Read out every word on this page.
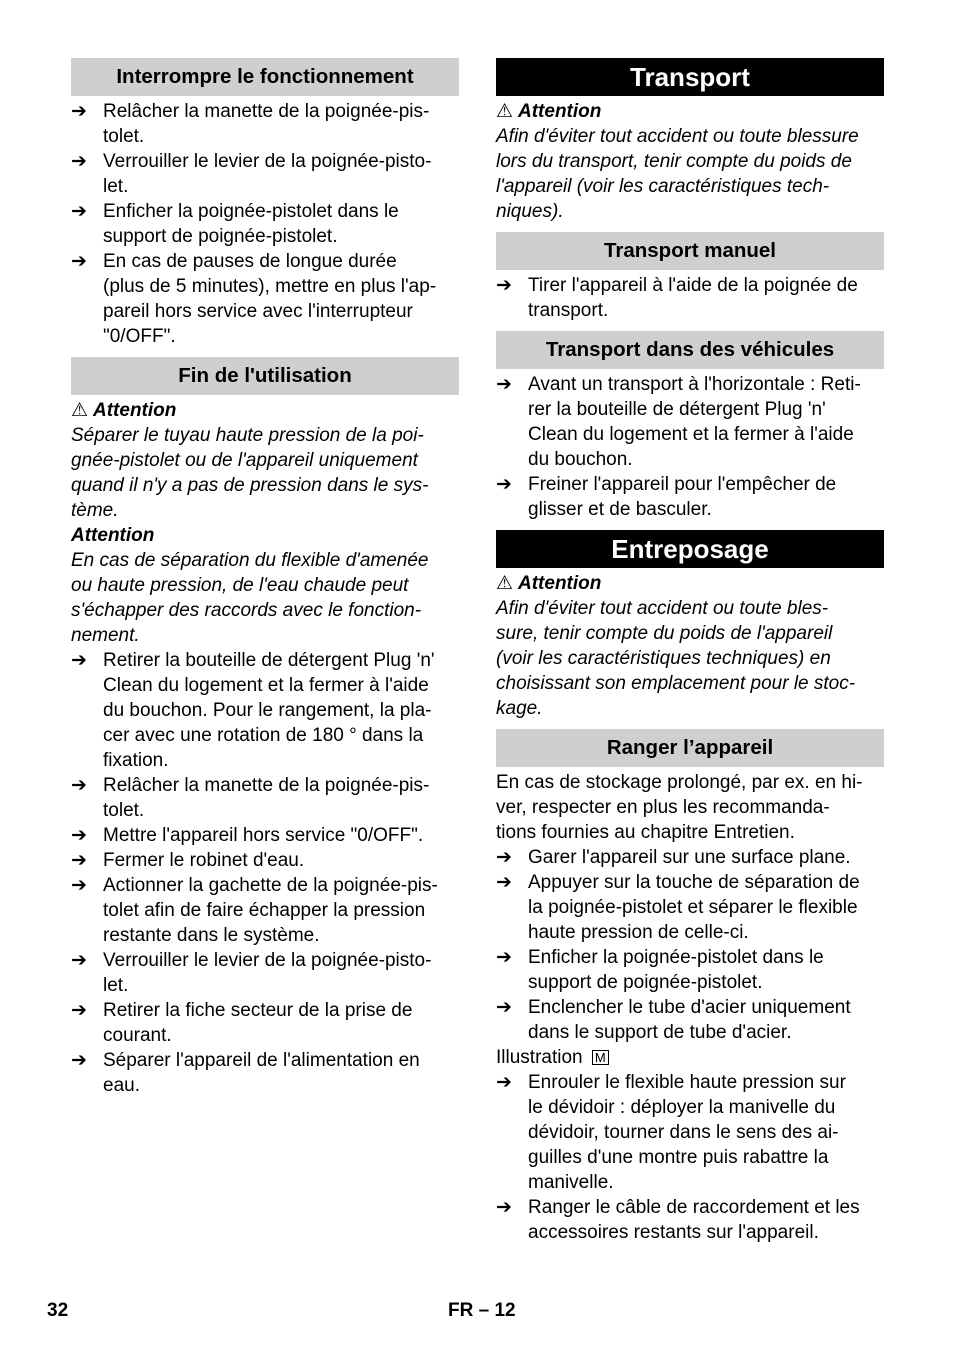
Interrompre le fonctionnement
➔ Relâcher la manette de la poignée-pis-
tolet.
➔ Verrouiller le levier de la poignée-pisto-
let.
➔ Enficher la poignée-pistolet dans le
support de poignée-pistolet.
➔ En cas de pauses de longue durée
(plus de 5 minutes), mettre en plus l'ap-
pareil hors service avec l'interrupteur
"0/OFF".
Fin de l'utilisation
⚠ Attention
Séparer le tuyau haute pression de la poi-
gnée-pistolet ou de l'appareil uniquement
quand il n'y a pas de pression dans le sys-
tème.
Attention
En cas de séparation du flexible d'amenée
ou haute pression, de l'eau chaude peut
s'échapper des raccords avec le fonction-
nement.
➔ Retirer la bouteille de détergent Plug 'n'
Clean du logement et la fermer à l'aide
du bouchon. Pour le rangement, la pla-
cer avec une rotation de 180 ° dans la
fixation.
➔ Relâcher la manette de la poignée-pis-
tolet.
➔ Mettre l'appareil hors service "0/OFF".
➔ Fermer le robinet d'eau.
➔ Actionner la gachette de la poignée-pis-
tolet afin de faire échapper la pression
restante dans le système.
➔ Verrouiller le levier de la poignée-pisto-
let.
➔ Retirer la fiche secteur de la prise de
courant.
➔ Séparer l'appareil de l'alimentation en
eau.
Transport
⚠ Attention
Afin d'éviter tout accident ou toute blessure
lors du transport, tenir compte du poids de
l'appareil (voir les caractéristiques tech-
niques).
Transport manuel
➔ Tirer l'appareil à l'aide de la poignée de
transport.
Transport dans des véhicules
➔ Avant un transport à l'horizontale : Reti-
rer la bouteille de détergent Plug 'n'
Clean du logement et la fermer à l'aide
du bouchon.
➔ Freiner l'appareil pour l'empêcher de
glisser et de basculer.
Entreposage
⚠ Attention
Afin d'éviter tout accident ou toute bles-
sure, tenir compte du poids de l'appareil
(voir les caractéristiques techniques) en
choisissant son emplacement pour le stoc-
kage.
Ranger l’appareil
En cas de stockage prolongé, par ex. en hi-
ver, respecter en plus les recommanda-
tions fournies au chapitre Entretien.
➔ Garer l'appareil sur une surface plane.
➔ Appuyer sur la touche de séparation de
la poignée-pistolet et séparer le flexible
haute pression de celle-ci.
➔ Enficher la poignée-pistolet dans le
support de poignée-pistolet.
➔ Enclencher le tube d'acier uniquement
dans le support de tube d'acier.
Illustration M
➔ Enrouler le flexible haute pression sur
le dévidoir : déployer la manivelle du
dévidoir, tourner dans le sens des ai-
guilles d'une montre puis rabattre la
manivelle.
➔ Ranger le câble de raccordement et les
accessoires restants sur l'appareil.
32	FR – 12
